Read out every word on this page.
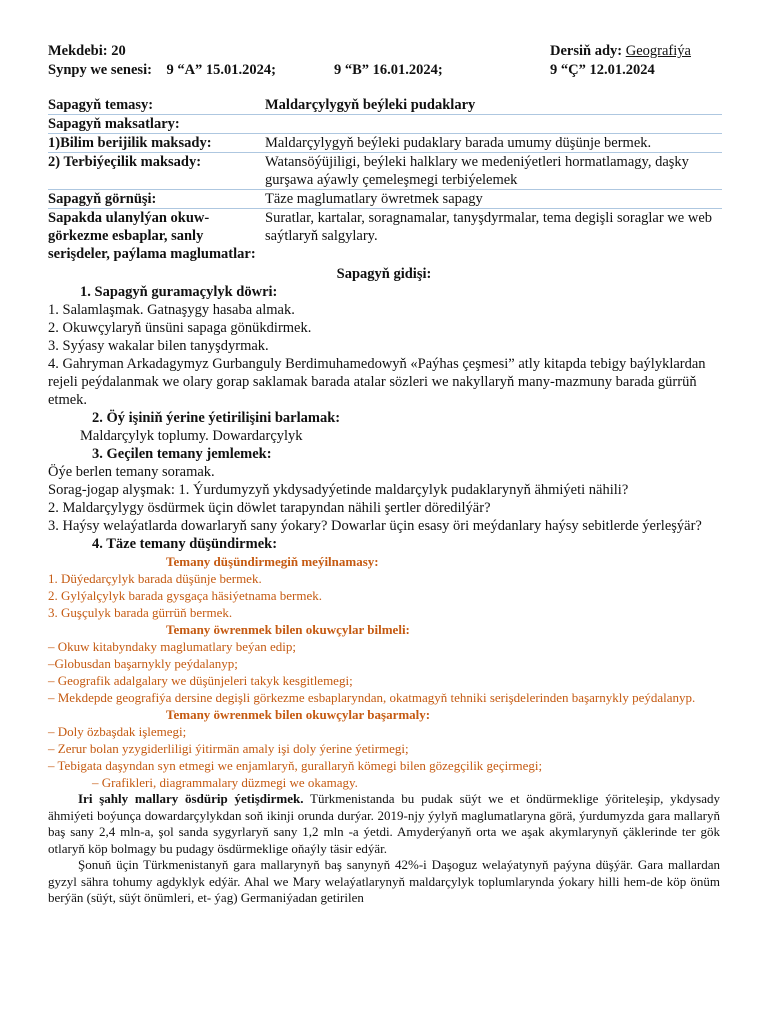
Mekdebi: 20	Dersiň ady: Geografiýa
Synpy we senesi: 9 “A” 15.01.2024;	9 “B” 16.01.2024;	9 “Ç” 12.01.2024
Sapagyň temasy:	Maldarçylygyň beýleki pudaklary
Sapagyň maksatlary:	
1)Bilim berijilik maksady:	Maldarçylygyň beýleki pudaklary barada umumy düşünje bermek.
2) Terbiýeçilik maksady:	Watansöýüjiligi, beýleki halklary we medeniýetleri hormatlamagy, daşky gurşawa aýawly çemeleşmegi terbiýelemek
Sapagyň görnüşi:	Täze maglumatlary öwretmek sapagy
Sapakda ulanylýan okuw-görkezme esbaplar, sanly serişdeler, paýlama maglumatlar:	Suratlar, kartalar, soragnamalar, tanyşdyrmalar, tema degişli soraglar we web saýtlaryň salgylary.
Sapagyň gidişi:
1. Sapagyň guramaçylyk döwri:
1. Salamlaşmak. Gatnaşygy hasaba almak.
2. Okuwçylaryň ünsüni sapaga gönükdirmek.
3. Syýasy wakalar bilen tanyşdyrmak.
4. Gahryman Arkadagymyz Gurbanguly Berdimuhamedowyň «Paýhas çeşmesi” atly kitapda tebigy baýlyklardan rejeli peýdalanmak we olary gorap saklamak barada atalar sözleri we nakyllaryň many-mazmuny barada gürrüň etmek.
2. Öý işiniň ýerine ýetirilişini barlamak:
Maldarçylyk toplumy. Dowardarçylyk
3. Geçilen temany jemlemek:
Öýe berlen temany soramak.
Sorag-jogap alyşmak: 1. Ýurdumyzyň ykdysadyýetinde maldarçylyk pudaklarynyň ähmiýeti nähili?
2. Maldarçylygy ösdürmek üçin döwlet tarapyndan nähili şertler döredilýär?
3. Haýsy welaýatlarda dowarlaryň sany ýokary? Dowarlar üçin esasy öri meýdanlary haýsy sebitlerde ýerleşýär?
4. Täze temany düşündirmek:
Temany düşündirmegiň meýilnamasy:
1. Düýedarçylyk barada düşünje bermek.
2. Gylýalçylyk barada gysgaça häsiýetnama bermek.
3. Guşçulyk barada gürrüň bermek.
Temany öwrenmek bilen okuwçylar bilmeli:
– Okuw kitabyndaky maglumatlary beýan edip;
–Globusdan başarnykly peýdalanyp;
– Geografik adalgalary we düşünjeleri takyk kesgitlemegi;
– Mekdepde geografiýa dersine degişli görkezme esbaplaryndan, okatmagyň tehniki serişdelerinden başarnykly peýdalanyp.
Temany öwrenmek bilen okuwçylar başarmaly:
– Doly özbaşdak işlemegi;
– Zerur bolan yzygiderliligi ýitirmän amaly işi doly ýerine ýetirmegi;
– Tebigata daşyndan syn etmegi we enjamlaryň, gurallaryň kömegi bilen gözegçilik geçirmegi;
– Grafikleri, diagrammalary düzmegi we okamagy.
Iri şahly mallary ösdürip ýetişdirmek. Türkmenistanda bu pudak süýt we et öndürmeklige ýöriteleşip, ykdysady ähmiýeti boýunça dowardarçylykdan soň ikinji orunda durýar. 2019-njy ýylyň maglumatlaryna görä, ýurdumyzda gara mallaryň baş sany 2,4 mln-a, şol sanda sygyrlaryň sany 1,2 mln -a ýetdi. Amyderýanyň orta we aşak akymlarynyň çäklerinde ter gök otlaryň köp bolmagy bu pudagy ösdürmeklige oňaýly täsir edýär.
Şonuň üçin Türkmenistanyň gara mallarynyň baş sanynyň 42%-i Daşoguz welaýatynyň paýyna düşýär. Gara mallardan gyzyl sähra tohumy agdyklyk edýär. Ahal we Mary welaýatlarynyň maldarçylyk toplumlarynda ýokary hilli hem-de köp önüm berýän (süýt, süýt önümleri, et- ýag) Germaniýadan getirilen
